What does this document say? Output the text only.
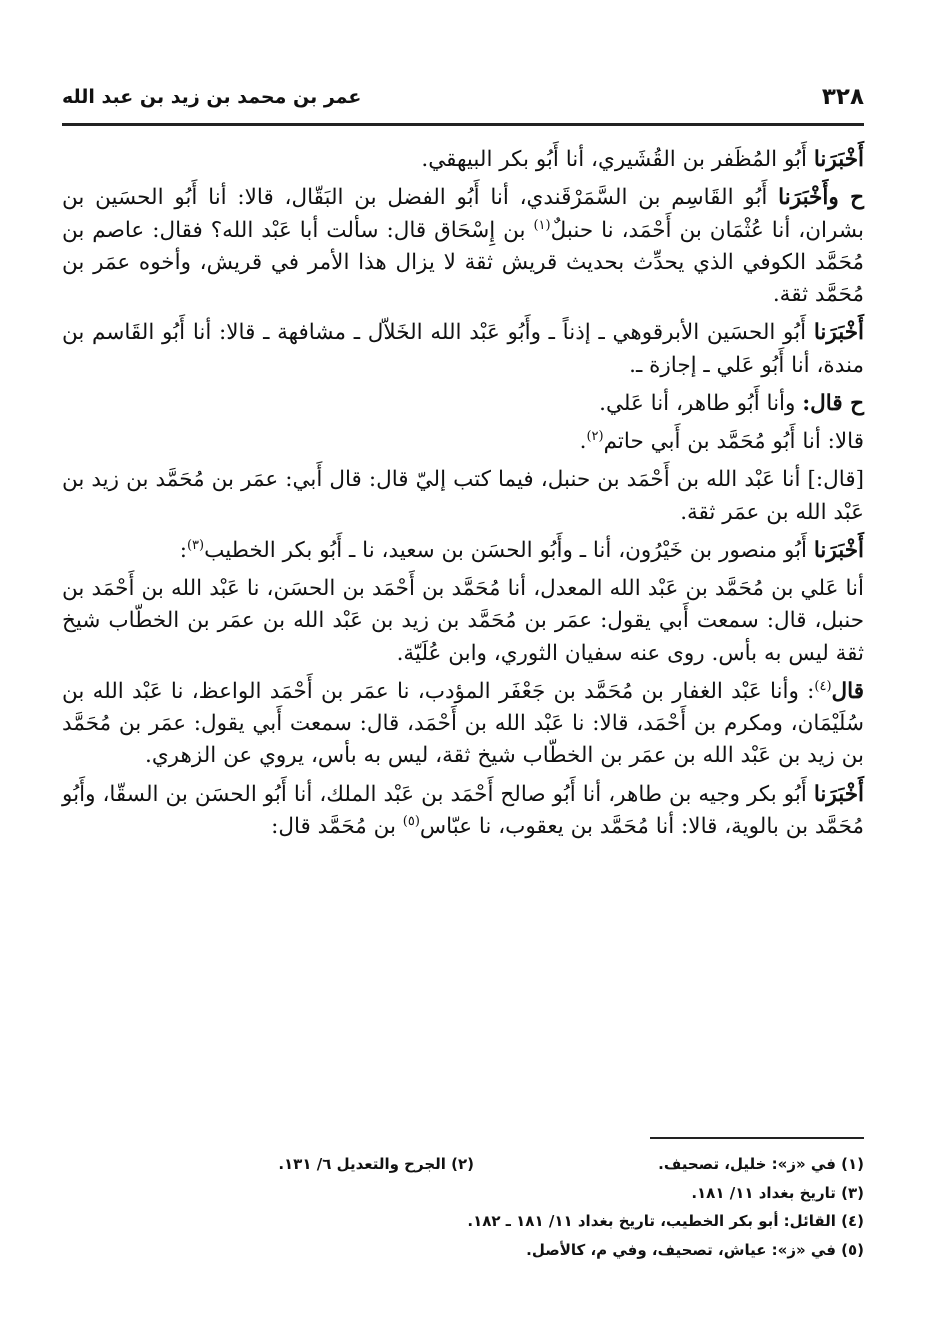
٣٢٨
عمر بن محمد بن زيد بن عبد الله

أَخْبَرَنا أَبُو المُظَفر بن القُشَيري، أنا أَبُو بكر البيهقي.

ح وأَخْبَرَنا أَبُو القَاسِم بن السَّمَرْقَندي، أنا أَبُو الفضل بن البَقّال، قالا: أنا أَبُو الحسَين بن بشران، أنا عُثْمَان بن أَحْمَد، نا حنبلٌ$^{(١)}$ بن إِسْحَاق قال: سألت أبا عَبْد الله؟ فقال: عاصم بن مُحَمَّد الكوفي الذي يحدِّث بحديث قريش ثقة لا يزال هذا الأمر في قريش، وأخوه عمَر بن مُحَمَّد ثقة.

أَخْبَرَنا أَبُو الحسَين الأبرقوهي ـ إذناً ـ وأَبُو عَبْد الله الخَلاّل ـ مشافهة ـ قالا: أنا أَبُو القَاسم بن مندة، أنا أَبُو عَلي ـ إجازة ـ.

ح قال: وأنا أَبُو طاهر، أنا عَلي.

قالا: أنا أَبُو مُحَمَّد بن أَبي حاتم$^{(٢)}$.

[قال:] أنا عَبْد الله بن أَحْمَد بن حنبل، فيما كتب إليّ قال: قال أَبي: عمَر بن مُحَمَّد بن زيد بن عَبْد الله بن عمَر ثقة.

أَخْبَرَنا أَبُو منصور بن خَيْرُون، أنا ـ وأَبُو الحسَن بن سعيد، نا ـ أَبُو بكر الخطيب$^{(٣)}$:

أنا عَلي بن مُحَمَّد بن عَبْد الله المعدل، أنا مُحَمَّد بن أَحْمَد بن الحسَن، نا عَبْد الله بن أَحْمَد بن حنبل، قال: سمعت أَبي يقول: عمَر بن مُحَمَّد بن زيد بن عَبْد الله بن عمَر بن الخطّاب شيخ ثقة ليس به بأس. روى عنه سفيان الثوري، وابن عُلَيّة.

قال$^{(٤)}$: وأنا عَبْد الغفار بن مُحَمَّد بن جَعْفَر المؤدب، نا عمَر بن أَحْمَد الواعظ، نا عَبْد الله بن سُلَيْمَان، ومكرم بن أَحْمَد، قالا: نا عَبْد الله بن أَحْمَد، قال: سمعت أَبي يقول: عمَر بن مُحَمَّد بن زيد بن عَبْد الله بن عمَر بن الخطّاب شيخ ثقة، ليس به بأس، يروي عن الزهري.

أَخْبَرَنا أَبُو بكر وجيه بن طاهر، أنا أَبُو صالح أَحْمَد بن عَبْد الملك، أنا أَبُو الحسَن بن السقّا، وأَبُو مُحَمَّد بن بالوية، قالا: أنا مُحَمَّد بن يعقوب، نا عبّاس$^{(٥)}$ بن مُحَمَّد قال:

(١) في «ز»: خليل، تصحيف.
(٢) الجرح والتعديل ٦/ ١٣١.
(٣) تاريخ بغداد ١١/ ١٨١.
(٤) القائل: أبو بكر الخطيب، تاريخ بغداد ١١/ ١٨١ ـ ١٨٢.
(٥) في «ز»: عياش، تصحيف، وفي م، كالأصل.
